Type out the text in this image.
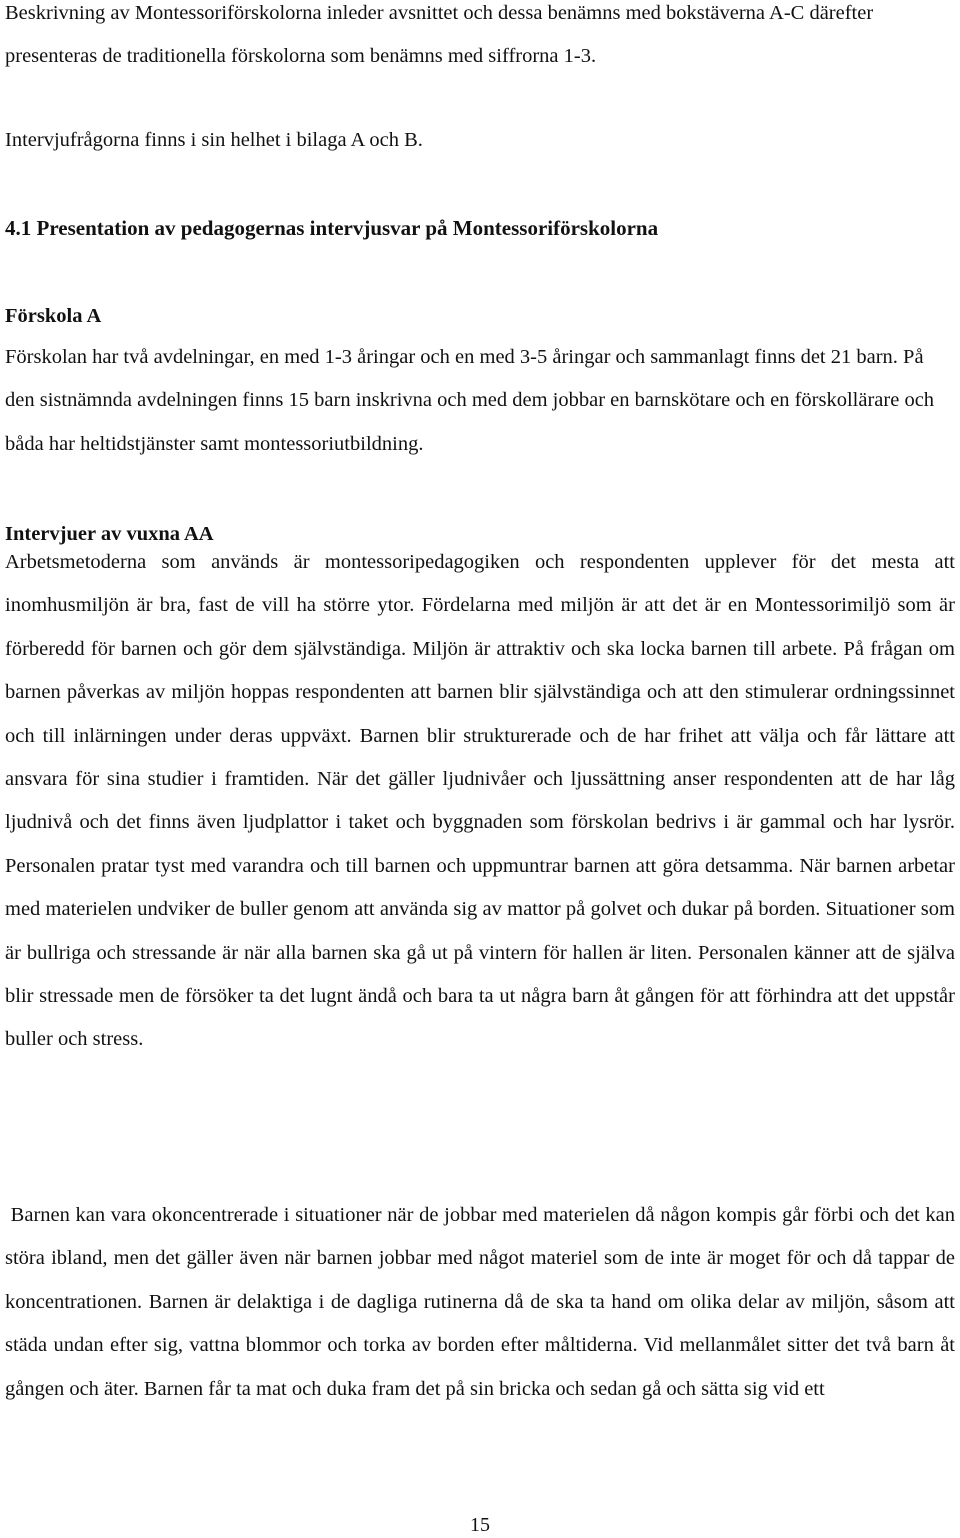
Beskrivning av Montessoriförskolorna inleder avsnittet och dessa benämns med bokstäverna A-C därefter presenteras de traditionella förskolorna som benämns med siffrorna 1-3.

Intervjufrågorna finns i sin helhet i bilaga A och B.

4.1 Presentation av pedagogernas intervjusvar på Montessoriförskolorna
Förskola A

Förskolan har två avdelningar, en med 1-3 åringar och en med 3-5 åringar och sammanlagt finns det 21 barn. På den sistnämnda avdelningen finns 15 barn inskrivna och med dem jobbar en barnskötare och en förskollärare och båda har heltidstjänster samt montessoriutbildning.

Intervjuer av vuxna AA

Arbetsmetoderna som används är montessoripedagogiken och respondenten upplever för det mesta att inomhusmiljön är bra, fast de vill ha större ytor. Fördelarna med miljön är att det är en Montessorimiljö som är förberedd för barnen och gör dem självständiga. Miljön är attraktiv och ska locka barnen till arbete. På frågan om barnen påverkas av miljön hoppas respondenten att barnen blir självständiga och att den stimulerar ordningssinnet och till inlärningen under deras uppväxt. Barnen blir strukturerade och de har frihet att välja och får lättare att ansvara för sina studier i framtiden. När det gäller ljudnivåer och ljussättning anser respondenten att de har låg ljudnivå och det finns även ljudplattor i taket och byggnaden som förskolan bedrivs i är gammal och har lysrör. Personalen pratar tyst med varandra och till barnen och uppmuntrar barnen att göra detsamma. När barnen arbetar med materielen undviker de buller genom att använda sig av mattor på golvet och dukar på borden. Situationer som är bullriga och stressande är när alla barnen ska gå ut på vintern för hallen är liten. Personalen känner att de själva blir stressade men de försöker ta det lugnt ändå och bara ta ut några barn åt gången för att förhindra att det uppstår buller och stress.

Barnen kan vara okoncentrerade i situationer när de jobbar med materielen då någon kompis går förbi och det kan störa ibland, men det gäller även när barnen jobbar med något materiel som de inte är moget för och då tappar de koncentrationen. Barnen är delaktiga i de dagliga rutinerna då de ska ta hand om olika delar av miljön, såsom att städa undan efter sig, vattna blommor och torka av borden efter måltiderna. Vid mellanmålet sitter det två barn åt gången och äter. Barnen får ta mat och duka fram det på sin bricka och sedan gå och sätta sig vid ett

15
